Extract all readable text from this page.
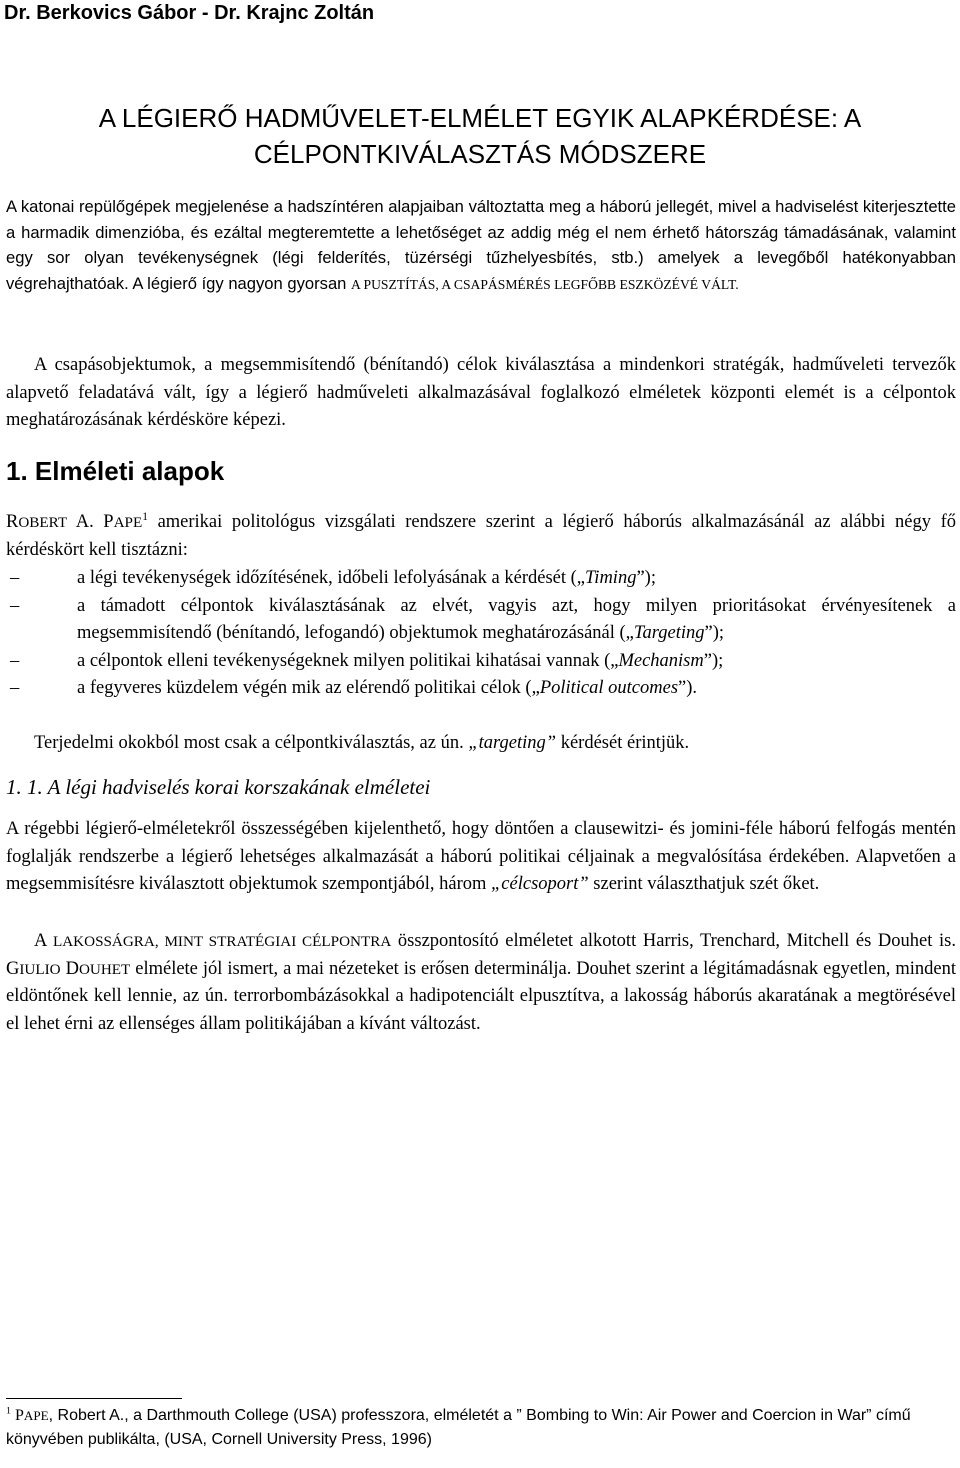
Dr. Berkovics Gábor - Dr. Krajnc Zoltán
A LÉGIERŐ HADMŰVELET-ELMÉLET EGYIK ALAPKÉRDÉSE: A
CÉLPONTKIVÁLASZTÁS MÓDSZERE

A katonai repülőgépek megjelenése a hadszíntéren alapjaiban változtatta meg a háború jellegét, mivel a hadviselést kiterjesztette a harmadik dimenzióba, és ezáltal megteremtette a lehetőséget az addig még el nem érhető hátország támadásának, valamint egy sor olyan tevékenységnek (légi felderítés, tüzérségi tűzhelyesbítés, stb.) amelyek a levegőből hatékonyabban végrehajthatóak. A légierő így nagyon gyorsan A PUSZTÍTÁS, A CSAPÁSMÉRÉS LEGFŐBB ESZKÖZÉVÉ VÁLT.

A csapásobjektumok, a megsemmisítendő (bénítandó) célok kiválasztása a mindenkori stratégák, hadműveleti tervezők alapvető feladatává vált, így a légierő hadműveleti alkalmazásával foglalkozó elméletek központi elemét is a célpontok meghatározásának kérdésköre képezi.

1. Elméleti alapok

ROBERT A. PAPE$^1$ amerikai politológus vizsgálati rendszere szerint a légierő háborús alkalmazásánál az alábbi négy fő kérdéskört kell tisztázni:

–	a légi tevékenységek időzítésének, időbeli lefolyásának a kérdését („Timing”);
–	a támadott célpontok kiválasztásának az elvét, vagyis azt, hogy milyen prioritásokat érvényesítenek a megsemmisítendő (bénítandó, lefogandó) objektumok meghatározásánál („Targeting”);
–	a célpontok elleni tevékenységeknek milyen politikai kihatásai vannak („Mechanism”);
–	a fegyveres küzdelem végén mik az elérendő politikai célok („Political outcomes”).
Terjedelmi okokból most csak a célpontkiválasztás, az ún. „targeting” kérdését érintjük.
1. 1. A légi hadviselés korai korszakának elméletei

A régebbi légierő-elméletekről összességében kijelenthető, hogy döntően a clausewitzi- és jomini-féle háború felfogás mentén foglalják rendszerbe a légierő lehetséges alkalmazását a háború politikai céljainak a megvalósítása érdekében. Alapvetően a megsemmisítésre kiválasztott objektumok szempontjából, három „célcsoport” szerint választhatjuk szét őket.

A LAKOSSÁGRA, MINT STRATÉGIAI CÉLPONTRA összpontosító elméletet alkotott Harris, Trenchard, Mitchell és Douhet is. GIULIO DOUHET elmélete jól ismert, a mai nézeteket is erősen determinálja. Douhet szerint a légitámadásnak egyetlen, mindent eldöntőnek kell lennie, az ún. terrorbombázásokkal a hadipotenciált elpusztítva, a lakosság háborús akaratának a megtörésével el lehet érni az ellenséges állam politikájában a kívánt változást.

$^1$ PAPE, Robert A., a Darthmouth College (USA) professzora, elméletét a ” Bombing to Win: Air Power and Coercion in War” című könyvében publikálta, (USA, Cornell University Press, 1996)
